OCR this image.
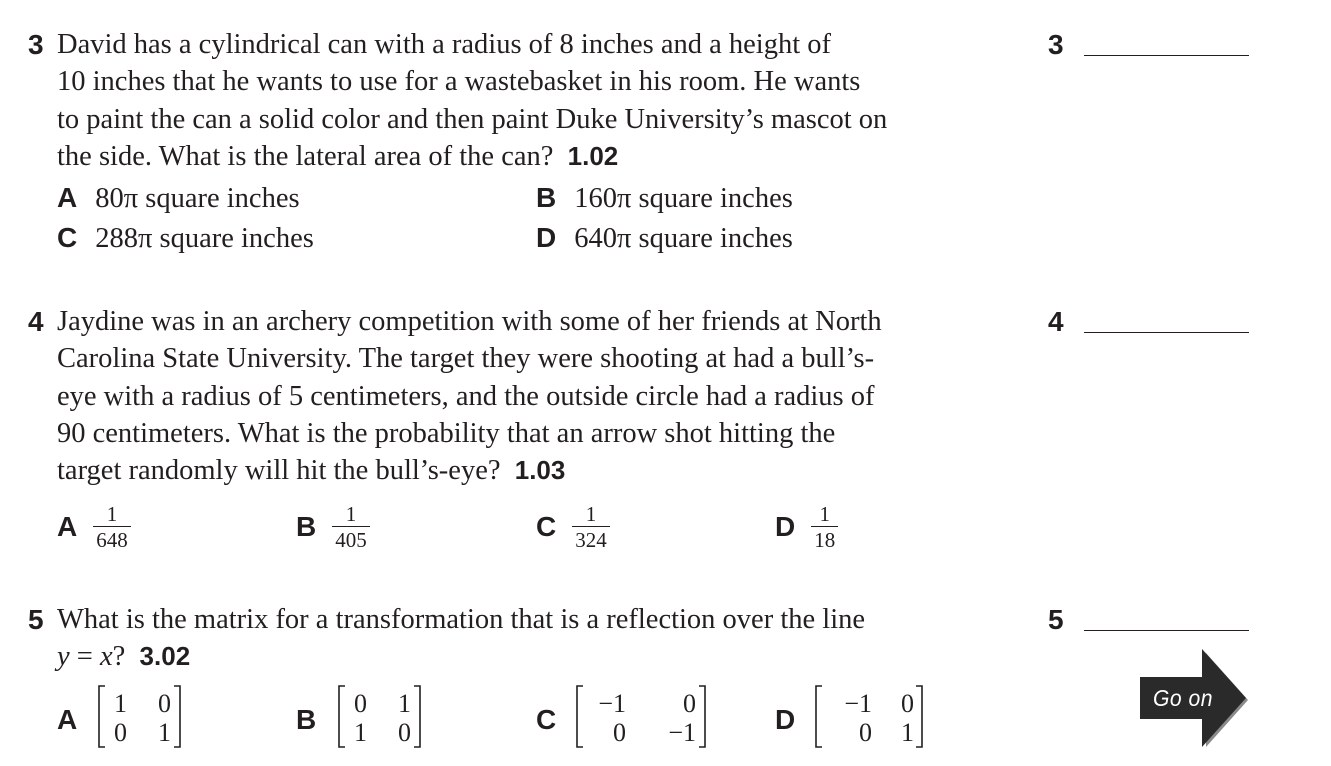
3 David has a cylindrical can with a radius of 8 inches and a height of
10 inches that he wants to use for a wastebasket in his room. He wants
to paint the can a solid color and then paint Duke University’s mascot on
the side. What is the lateral area of the can? 1.02
A 80π square inches	B 160π square inches
C 288π square inches	D 640π square inches
3
4 Jaydine was in an archery competition with some of her friends at North
Carolina State University. The target they were shooting at had a bull’s-
eye with a radius of 5 centimeters, and the outside circle had a radius of
90 centimeters. What is the probability that an arrow shot hitting the
target randomly will hit the bull’s-eye? 1.03
A $\frac{1}{648}$	B $\frac{1}{405}$	C $\frac{1}{324}$	D $\frac{1}{18}$
4
5 What is the matrix for a transformation that is a reflection over the line
y = x? 3.02
A
1 0
0 1	B
0 1
1 0	C
−1 0
0 −1	D
−1 0
0 1
5
Go on
